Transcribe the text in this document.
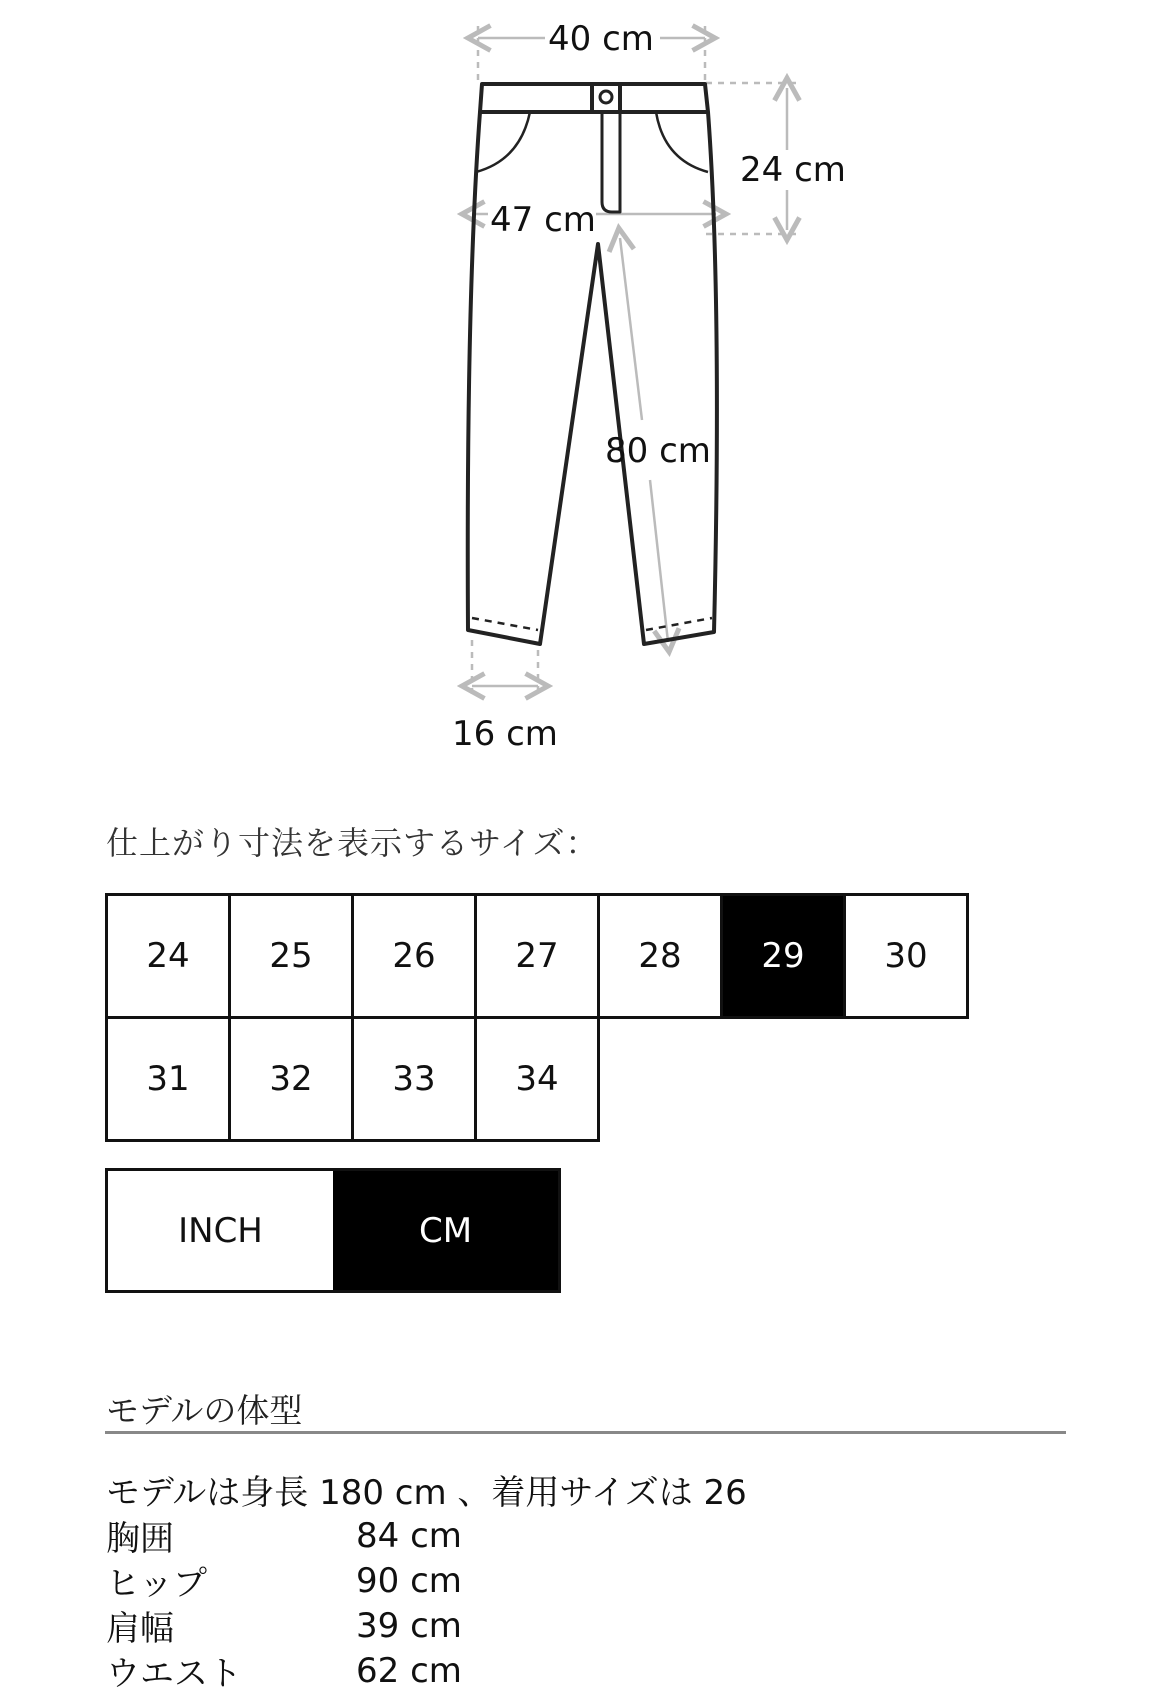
40 cm
24 cm
47 cm
80 cm
16 cm
仕上がり寸法を表示するサイズ：
24	25	26	27	28	29	30
31	32	33	34
INCH	CM
モデルの体型
モデルは身長 180 cm 、着用サイズは 26
胸囲	84 cm
ヒップ	90 cm
肩幅	39 cm
ウエスト	62 cm
